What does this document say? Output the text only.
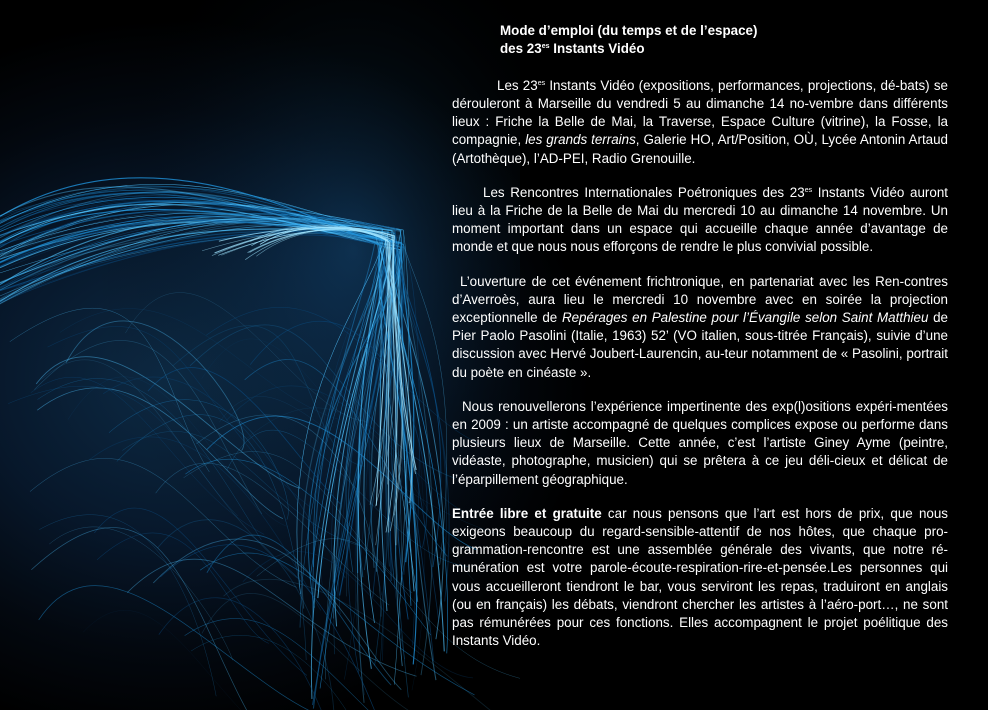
Mode d’emploi (du temps et de l’espace)
des $23^{es}$ Instants Vidéo

Les $23^{es}$ Instants Vidéo (expositions, performances, projections, dé-bats) se dérouleront à Marseille du vendredi 5 au dimanche 14 no-vembre dans différents lieux : Friche la Belle de Mai, la Traverse, Espace Culture (vitrine), la Fosse, la compagnie, les grands terrains, Galerie HO, Art/Position, OÙ, Lycée Antonin Artaud (Artothèque), l’AD-PEI, Radio Grenouille.

Les Rencontres Internationales Poétroniques des $23^{es}$ Instants Vidéo auront lieu à la Friche de la Belle de Mai du mercredi 10 au dimanche 14 novembre. Un moment important dans un espace qui accueille chaque année d’avantage de monde et que nous nous efforçons de rendre le plus convivial possible.

L’ouverture de cet événement frichtronique, en partenariat avec les Ren-contres d’Averroès, aura lieu le mercredi 10 novembre avec en soirée la projection exceptionnelle de Repérages en Palestine pour l’Évangile selon Saint Matthieu de Pier Paolo Pasolini (Italie, 1963) 52’ (VO italien, sous-titrée Français), suivie d’une discussion avec Hervé Joubert-Laurencin, au-teur notamment de « Pasolini, portrait du poète en cinéaste ».

Nous renouvellerons l’expérience impertinente des exp(l)ositions expéri-mentées en 2009 : un artiste accompagné de quelques complices expose ou performe dans plusieurs lieux de Marseille. Cette année, c’est l’artiste Giney Ayme (peintre, vidéaste, photographe, musicien) qui se prêtera à ce jeu déli-cieux et délicat de l’éparpillement géographique.

Entrée libre et gratuite car nous pensons que l’art est hors de prix, que nous exigeons beaucoup du regard-sensible-attentif de nos hôtes, que chaque pro-grammation-rencontre est une assemblée générale des vivants, que notre ré-munération est votre parole-écoute-respiration-rire-et-pensée.Les personnes qui vous accueilleront tiendront le bar, vous serviront les repas, traduiront en anglais (ou en français) les débats, viendront chercher les artistes à l’aéro-port…, ne sont pas rémunérées pour ces fonctions. Elles accompagnent le projet poélitique des Instants Vidéo.
